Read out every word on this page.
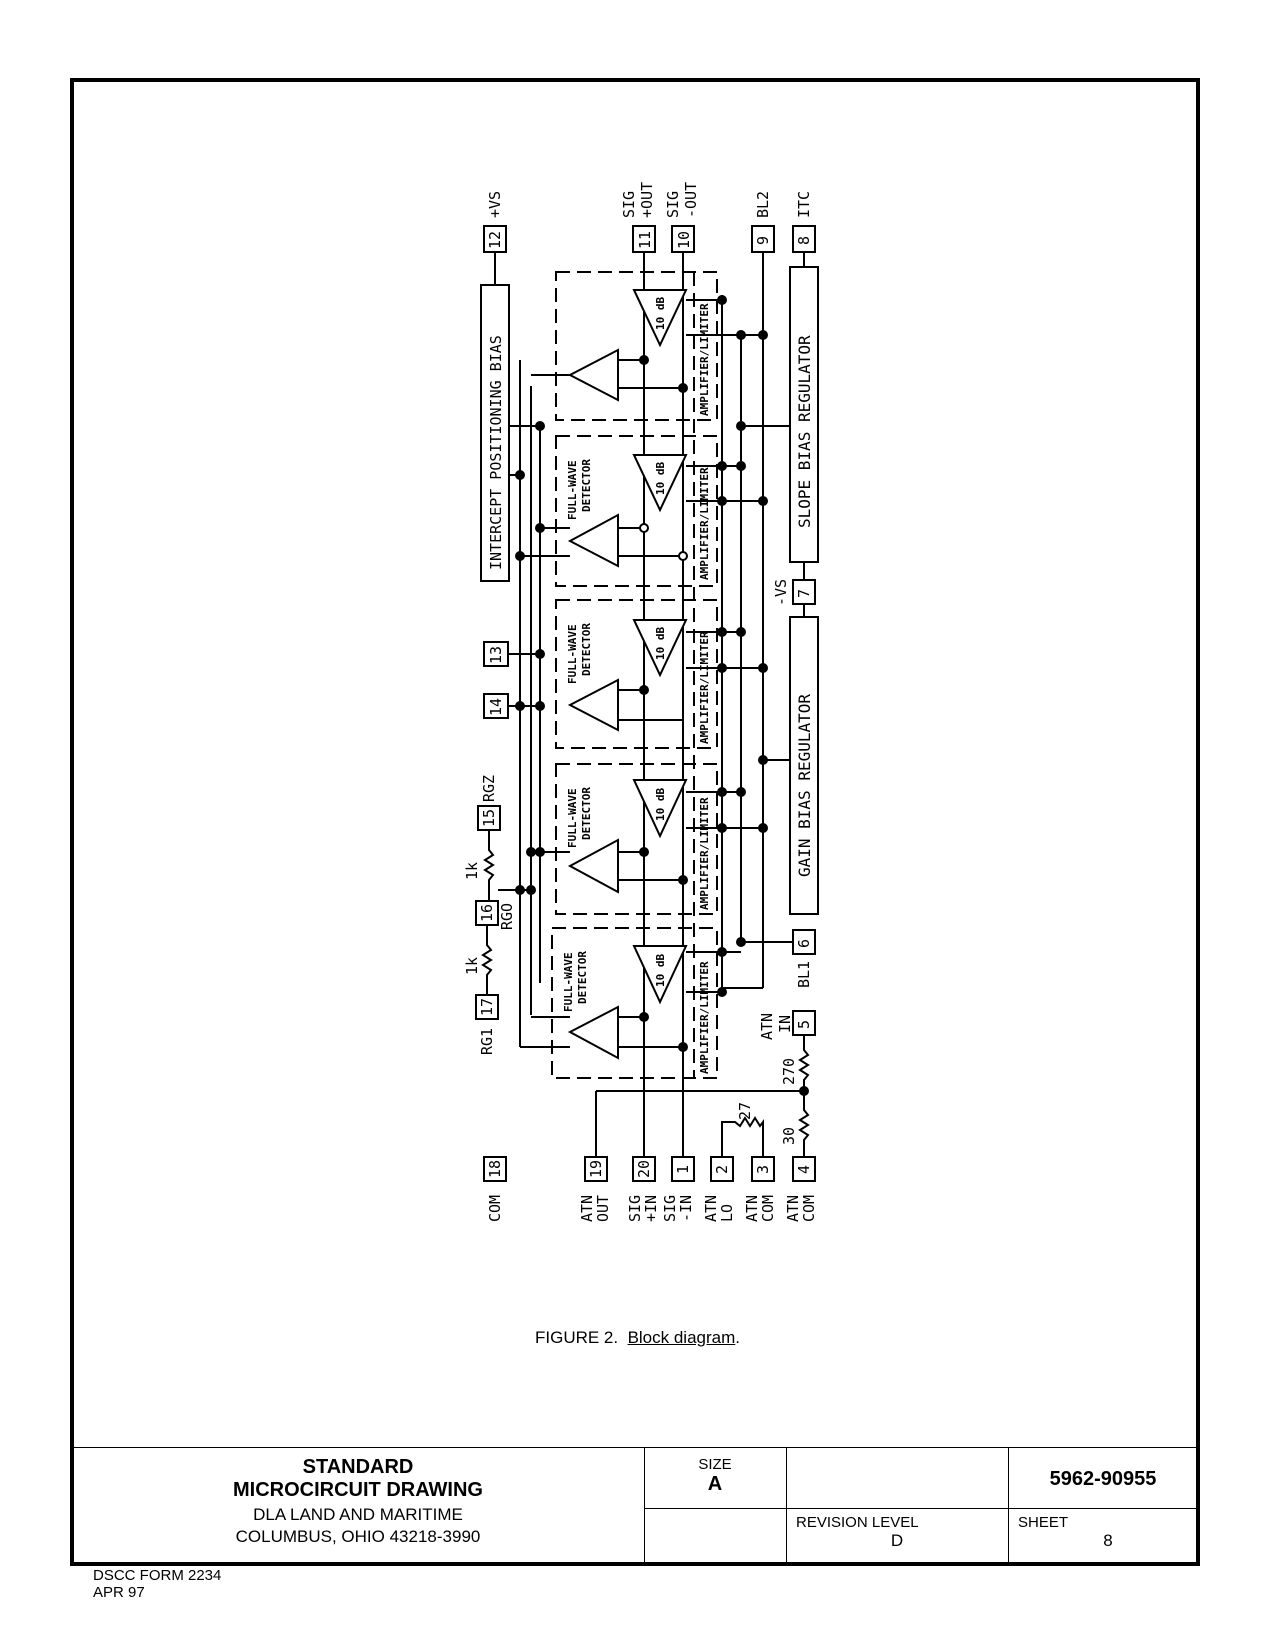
12
+VS
11
SIG +OUT
10
SIG -OUT
9
BL2
8
ITC
7
-VS
6
BL1
5
ATN IN
13
14
15
RGZ
16 RGO
17
RG1
18
COM
19
ATN
OUT
20
SIG
+IN
1
SIG
-IN
2
ATN
LO
3
ATN
COM
4
ATN
COM
INTERCEPT POSITIONING BIAS	SLOPE BIAS REGULATOR
GAIN BIAS REGULATOR
1k
1k
27
30
270
AMPLIFIER/LIMITER
10 dB
AMPLIFIER/LIMITER
10 dB
FULL-WAVE DETECTOR
AMPLIFIER/LIMITER
10 dB
FULL-WAVE DETECTOR
AMPLIFIER/LIMITER
10 dB
FULL-WAVE DETECTOR
AMPLIFIER/LIMITER
10 dB
FULL-WAVE DETECTOR
FIGURE 2. Block diagram.
STANDARD
MICROCIRCUIT DRAWING
DLA LAND AND MARITIME
COLUMBUS, OHIO 43218-3990
SIZE
A	5962-90955
REVISION LEVEL
D
SHEET
8
DSCC FORM 2234
APR 97
